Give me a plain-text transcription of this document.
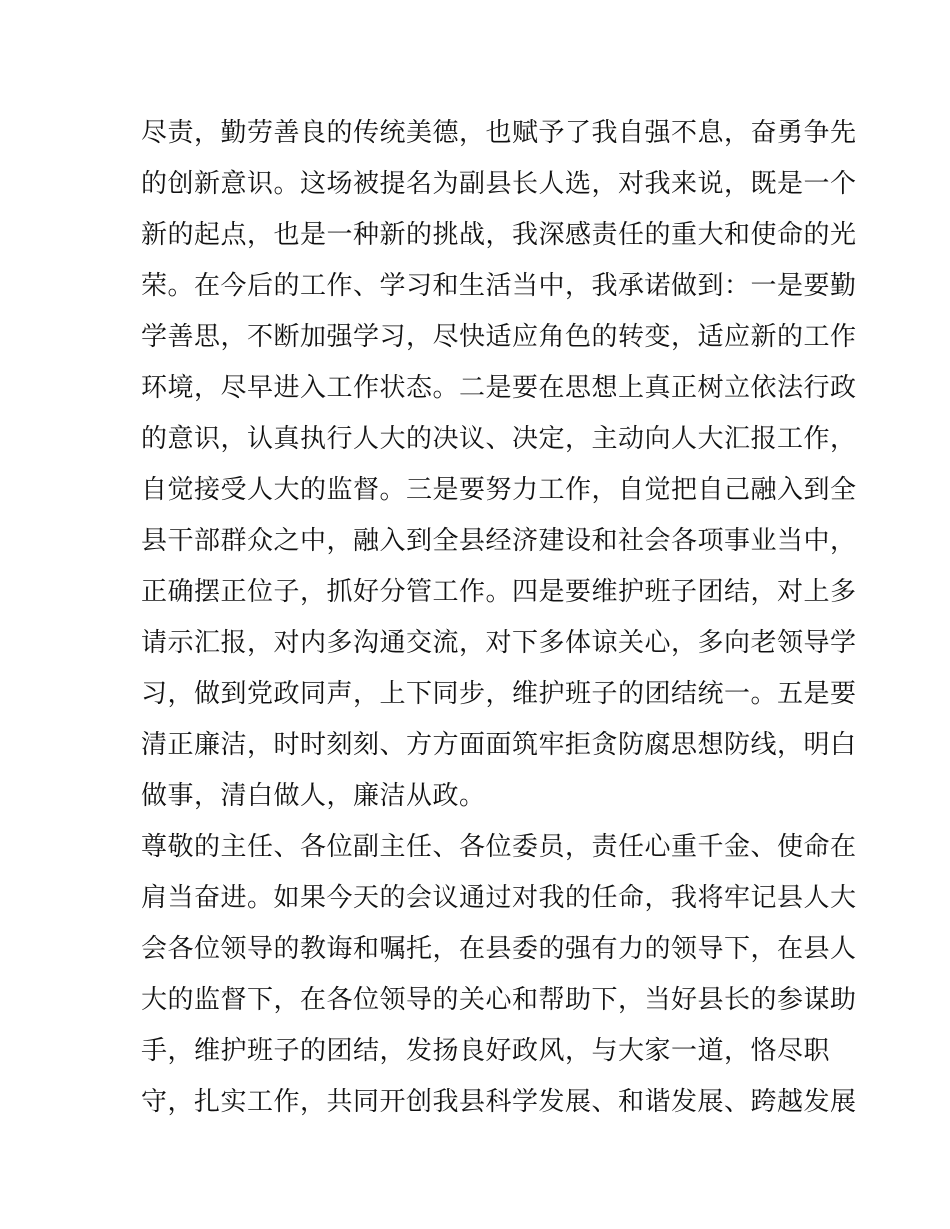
尽责，勤劳善良的传统美德，也赋予了我自强不息，奋勇争先
的创新意识。这场被提名为副县长人选，对我来说，既是一个
新的起点，也是一种新的挑战，我深感责任的重大和使命的光
荣。在今后的工作、学习和生活当中，我承诺做到：一是要勤
学善思，不断加强学习，尽快适应角色的转变，适应新的工作
环境，尽早进入工作状态。二是要在思想上真正树立依法行政
的意识，认真执行人大的决议、决定，主动向人大汇报工作，
自觉接受人大的监督。三是要努力工作，自觉把自己融入到全
县干部群众之中，融入到全县经济建设和社会各项事业当中，
正确摆正位子，抓好分管工作。四是要维护班子团结，对上多
请示汇报，对内多沟通交流，对下多体谅关心，多向老领导学
习，做到党政同声，上下同步，维护班子的团结统一。五是要
清正廉洁，时时刻刻、方方面面筑牢拒贪防腐思想防线，明白
做事，清白做人，廉洁从政。
尊敬的主任、各位副主任、各位委员，责任心重千金、使命在
肩当奋进。如果今天的会议通过对我的任命，我将牢记县人大
会各位领导的教诲和嘱托，在县委的强有力的领导下，在县人
大的监督下，在各位领导的关心和帮助下，当好县长的参谋助
手，维护班子的团结，发扬良好政风，与大家一道，恪尽职
守，扎实工作，共同开创我县科学发展、和谐发展、跨越发展
